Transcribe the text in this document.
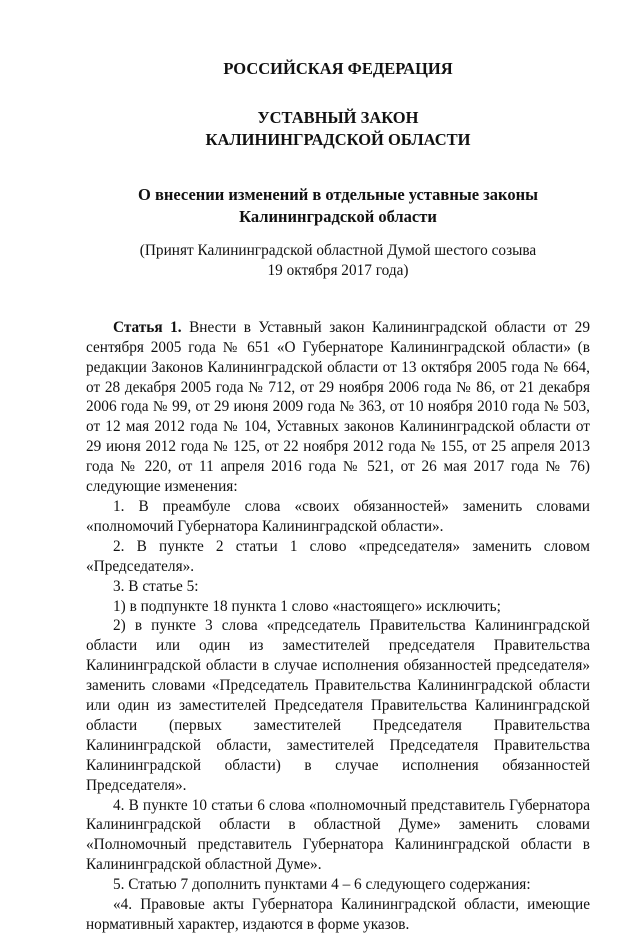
РОССИЙСКАЯ ФЕДЕРАЦИЯ
УСТАВНЫЙ ЗАКОН
КАЛИНИНГРАДСКОЙ ОБЛАСТИ
О внесении изменений в отдельные уставные законы
Калининградской области
(Принят Калининградской областной Думой шестого созыва
19 октября 2017 года)

Статья 1. Внести в Уставный закон Калининградской области от 29 сентября 2005 года № 651 «О Губернаторе Калининградской области» (в редакции Законов Калининградской области от 13 октября 2005 года № 664, от 28 декабря 2005 года № 712, от 29 ноября 2006 года № 86, от 21 декабря 2006 года № 99, от 29 июня 2009 года № 363, от 10 ноября 2010 года № 503, от 12 мая 2012 года № 104, Уставных законов Калининградской области от 29 июня 2012 года № 125, от 22 ноября 2012 года № 155, от 25 апреля 2013 года № 220, от 11 апреля 2016 года № 521, от 26 мая 2017 года № 76) следующие изменения:

1. В преамбуле слова «своих обязанностей» заменить словами «полномочий Губернатора Калининградской области».

2. В пункте 2 статьи 1 слово «председателя» заменить словом «Председателя».

3. В статье 5:

1) в подпункте 18 пункта 1 слово «настоящего» исключить;

2) в пункте 3 слова «председатель Правительства Калининградской области или один из заместителей председателя Правительства Калининградской области в случае исполнения обязанностей председателя» заменить словами «Председатель Правительства Калининградской области или один из заместителей Председателя Правительства Калининградской области (первых заместителей Председателя Правительства Калининградской области, заместителей Председателя Правительства Калининградской области) в случае исполнения обязанностей Председателя».

4. В пункте 10 статьи 6 слова «полномочный представитель Губернатора Калининградской области в областной Думе» заменить словами «Полномочный представитель Губернатора Калининградской области в Калининградской областной Думе».

5. Статью 7 дополнить пунктами 4 – 6 следующего содержания:

«4. Правовые акты Губернатора Калининградской области, имеющие нормативный характер, издаются в форме указов.
